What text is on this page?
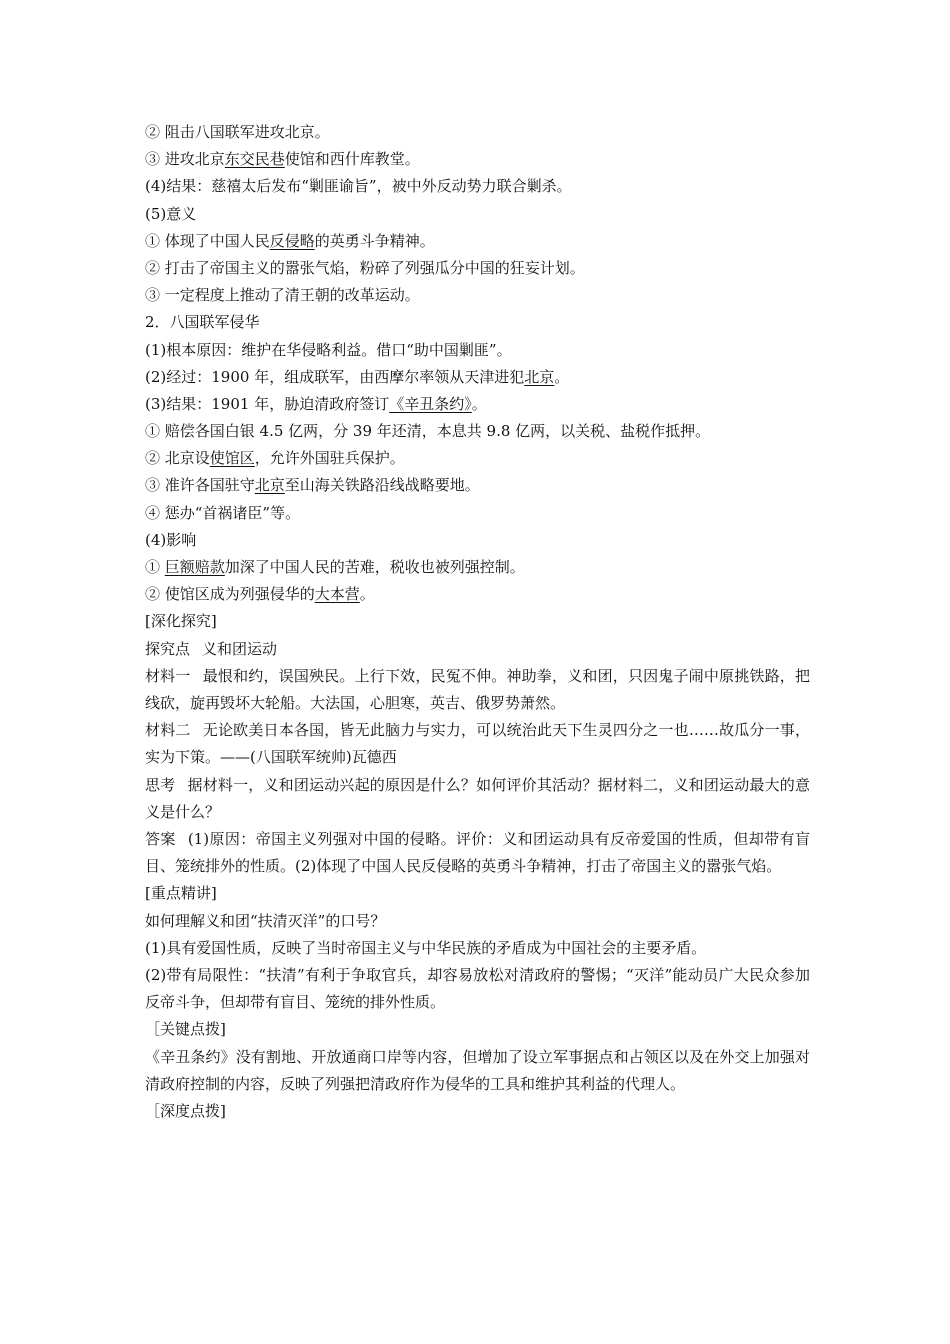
② 阻击八国联军进攻北京。
③ 进攻北京东交民巷使馆和西什库教堂。
(4)结果：慈禧太后发布“剿匪谕旨”，被中外反动势力联合剿杀。
(5)意义
① 体现了中国人民反侵略的英勇斗争精神。
② 打击了帝国主义的嚣张气焰，粉碎了列强瓜分中国的狂妄计划。
③ 一定程度上推动了清王朝的改革运动。
2．八国联军侵华
(1)根本原因：维护在华侵略利益。借口“助中国剿匪”。
(2)经过：1900 年，组成联军，由西摩尔率领从天津进犯北京。
(3)结果：1901 年，胁迫清政府签订《辛丑条约》。
① 赔偿各国白银 4.5 亿两，分 39 年还清，本息共 9.8 亿两，以关税、盐税作抵押。
② 北京设使馆区，允许外国驻兵保护。
③ 准许各国驻守北京至山海关铁路沿线战略要地。
④ 惩办“首祸诸臣”等。
(4)影响
① 巨额赔款加深了中国人民的苦难，税收也被列强控制。
② 使馆区成为列强侵华的大本营。
[深化探究]
探究点 义和团运动
材料一 最恨和约，误国殃民。上行下效，民冤不伸。神助拳，义和团，只因鬼子闹中原挑铁路，把线砍，旋再毁坏大轮船。大法国，心胆寒，英吉、俄罗势萧然。
材料二 无论欧美日本各国，皆无此脑力与实力，可以统治此天下生灵四分之一也……故瓜分一事，实为下策。——(八国联军统帅)瓦德西
思考 据材料一，义和团运动兴起的原因是什么？如何评价其活动？据材料二，义和团运动最大的意义是什么？
答案 (1)原因：帝国主义列强对中国的侵略。评价：义和团运动具有反帝爱国的性质，但却带有盲目、笼统排外的性质。(2)体现了中国人民反侵略的英勇斗争精神，打击了帝国主义的嚣张气焰。
[重点精讲]
如何理解义和团“扶清灭洋”的口号？
(1)具有爱国性质，反映了当时帝国主义与中华民族的矛盾成为中国社会的主要矛盾。
(2)带有局限性：“扶清”有利于争取官兵，却容易放松对清政府的警惕；“灭洋”能动员广大民众参加反帝斗争，但却带有盲目、笼统的排外性质。
［关键点拨]
《辛丑条约》没有割地、开放通商口岸等内容，但增加了设立军事据点和占领区以及在外交上加强对清政府控制的内容，反映了列强把清政府作为侵华的工具和维护其利益的代理人。
［深度点拨]
